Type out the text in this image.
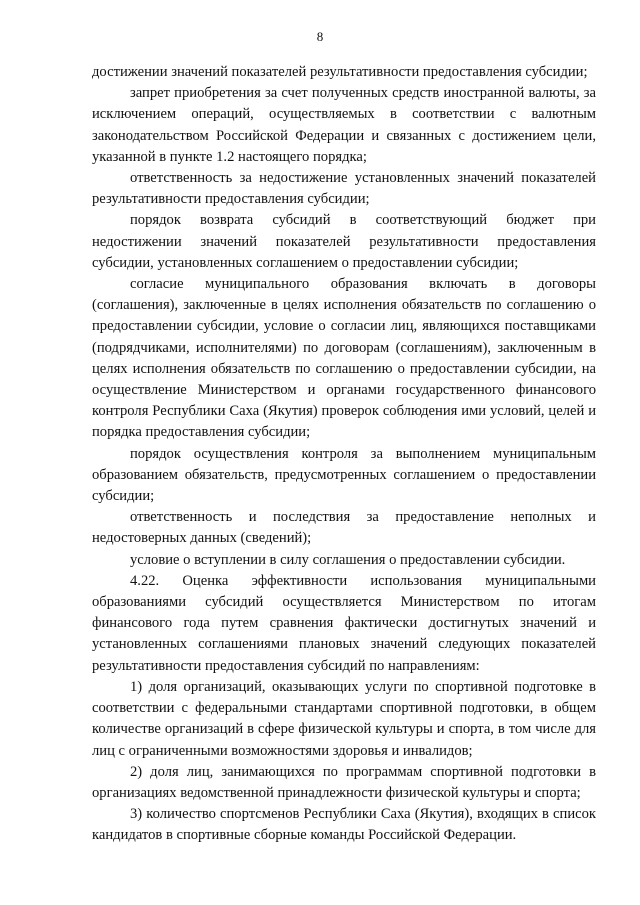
8

достижении значений показателей результативности предоставления субсидии;

запрет приобретения за счет полученных средств иностранной валюты, за исключением операций, осуществляемых в соответствии с валютным законодательством Российской Федерации и связанных с достижением цели, указанной в пункте 1.2 настоящего порядка;

ответственность за недостижение установленных значений показателей результативности предоставления субсидии;

порядок возврата субсидий в соответствующий бюджет при недостижении значений показателей результативности предоставления субсидии, установленных соглашением о предоставлении субсидии;

согласие муниципального образования включать в договоры (соглашения), заключенные в целях исполнения обязательств по соглашению о предоставлении субсидии, условие о согласии лиц, являющихся поставщиками (подрядчиками, исполнителями) по договорам (соглашениям), заключенным в целях исполнения обязательств по соглашению о предоставлении субсидии, на осуществление Министерством и органами государственного финансового контроля Республики Саха (Якутия) проверок соблюдения ими условий, целей и порядка предоставления субсидии;

порядок осуществления контроля за выполнением муниципальным образованием обязательств, предусмотренных соглашением о предоставлении субсидии;

ответственность и последствия за предоставление неполных и недостоверных данных (сведений);

условие о вступлении в силу соглашения о предоставлении субсидии.

4.22. Оценка эффективности использования муниципальными образованиями субсидий осуществляется Министерством по итогам финансового года путем сравнения фактически достигнутых значений и установленных соглашениями плановых значений следующих показателей результативности предоставления субсидий по направлениям:

1) доля организаций, оказывающих услуги по спортивной подготовке в соответствии с федеральными стандартами спортивной подготовки, в общем количестве организаций в сфере физической культуры и спорта, в том числе для лиц с ограниченными возможностями здоровья и инвалидов;

2) доля лиц, занимающихся по программам спортивной подготовки в организациях ведомственной принадлежности физической культуры и спорта;

3) количество спортсменов Республики Саха (Якутия), входящих в список кандидатов в спортивные сборные команды Российской Федерации.
